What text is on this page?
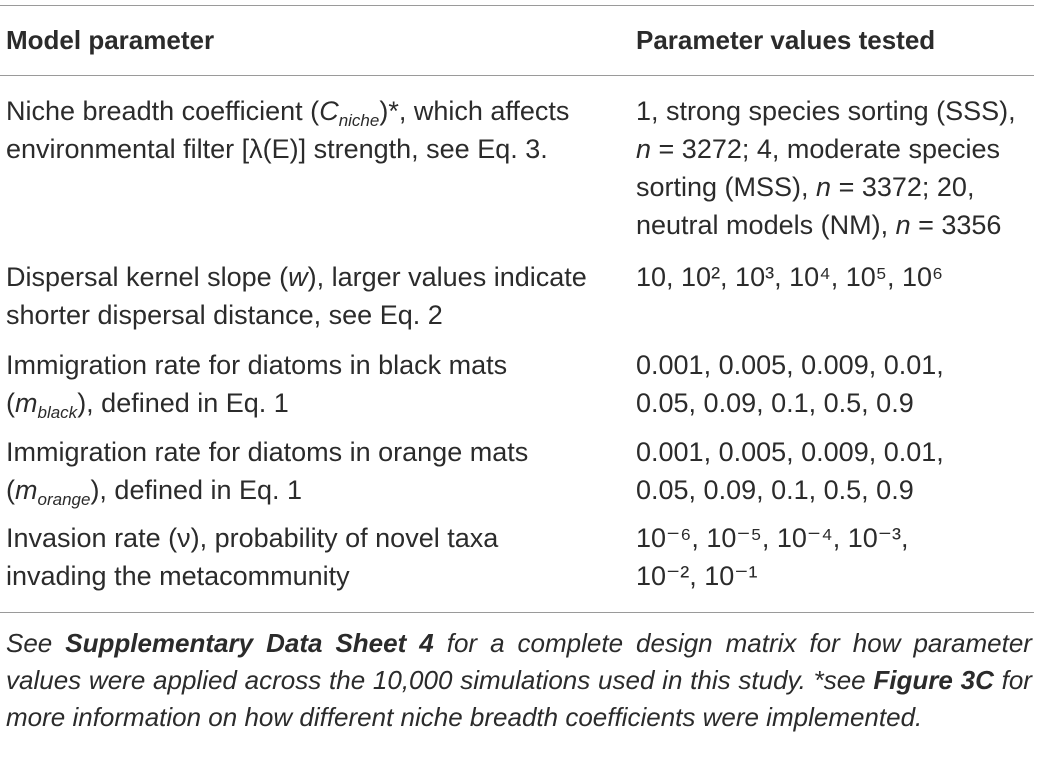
Model parameter	Parameter values tested
Niche breadth coefficient $(C_{niche})*$, which affects
environmental filter [λ(E)] strength, see Eq. 3.
1, strong species sorting (SSS),
n = 3272; 4, moderate species
sorting (MSS), n = 3372; 20,
neutral models (NM), n = 3356
Dispersal kernel slope (w), larger values indicate
shorter dispersal distance, see Eq. 2
10, 10², 10³, 10⁴, 10⁵, 10⁶
Immigration rate for diatoms in black mats
$(m_{black})$, defined in Eq. 1
0.001, 0.005, 0.009, 0.01,
0.05, 0.09, 0.1, 0.5, 0.9
Immigration rate for diatoms in orange mats
$(m_{orange})$, defined in Eq. 1
0.001, 0.005, 0.009, 0.01,
0.05, 0.09, 0.1, 0.5, 0.9
Invasion rate (ν), probability of novel taxa
invading the metacommunity
10⁻⁶, 10⁻⁵, 10⁻⁴, 10⁻³,
10⁻², 10⁻¹
See Supplementary Data Sheet 4 for a complete design matrix for how parameter values were applied across the 10,000 simulations used in this study. *see Figure 3C for more information on how different niche breadth coefficients were implemented.
